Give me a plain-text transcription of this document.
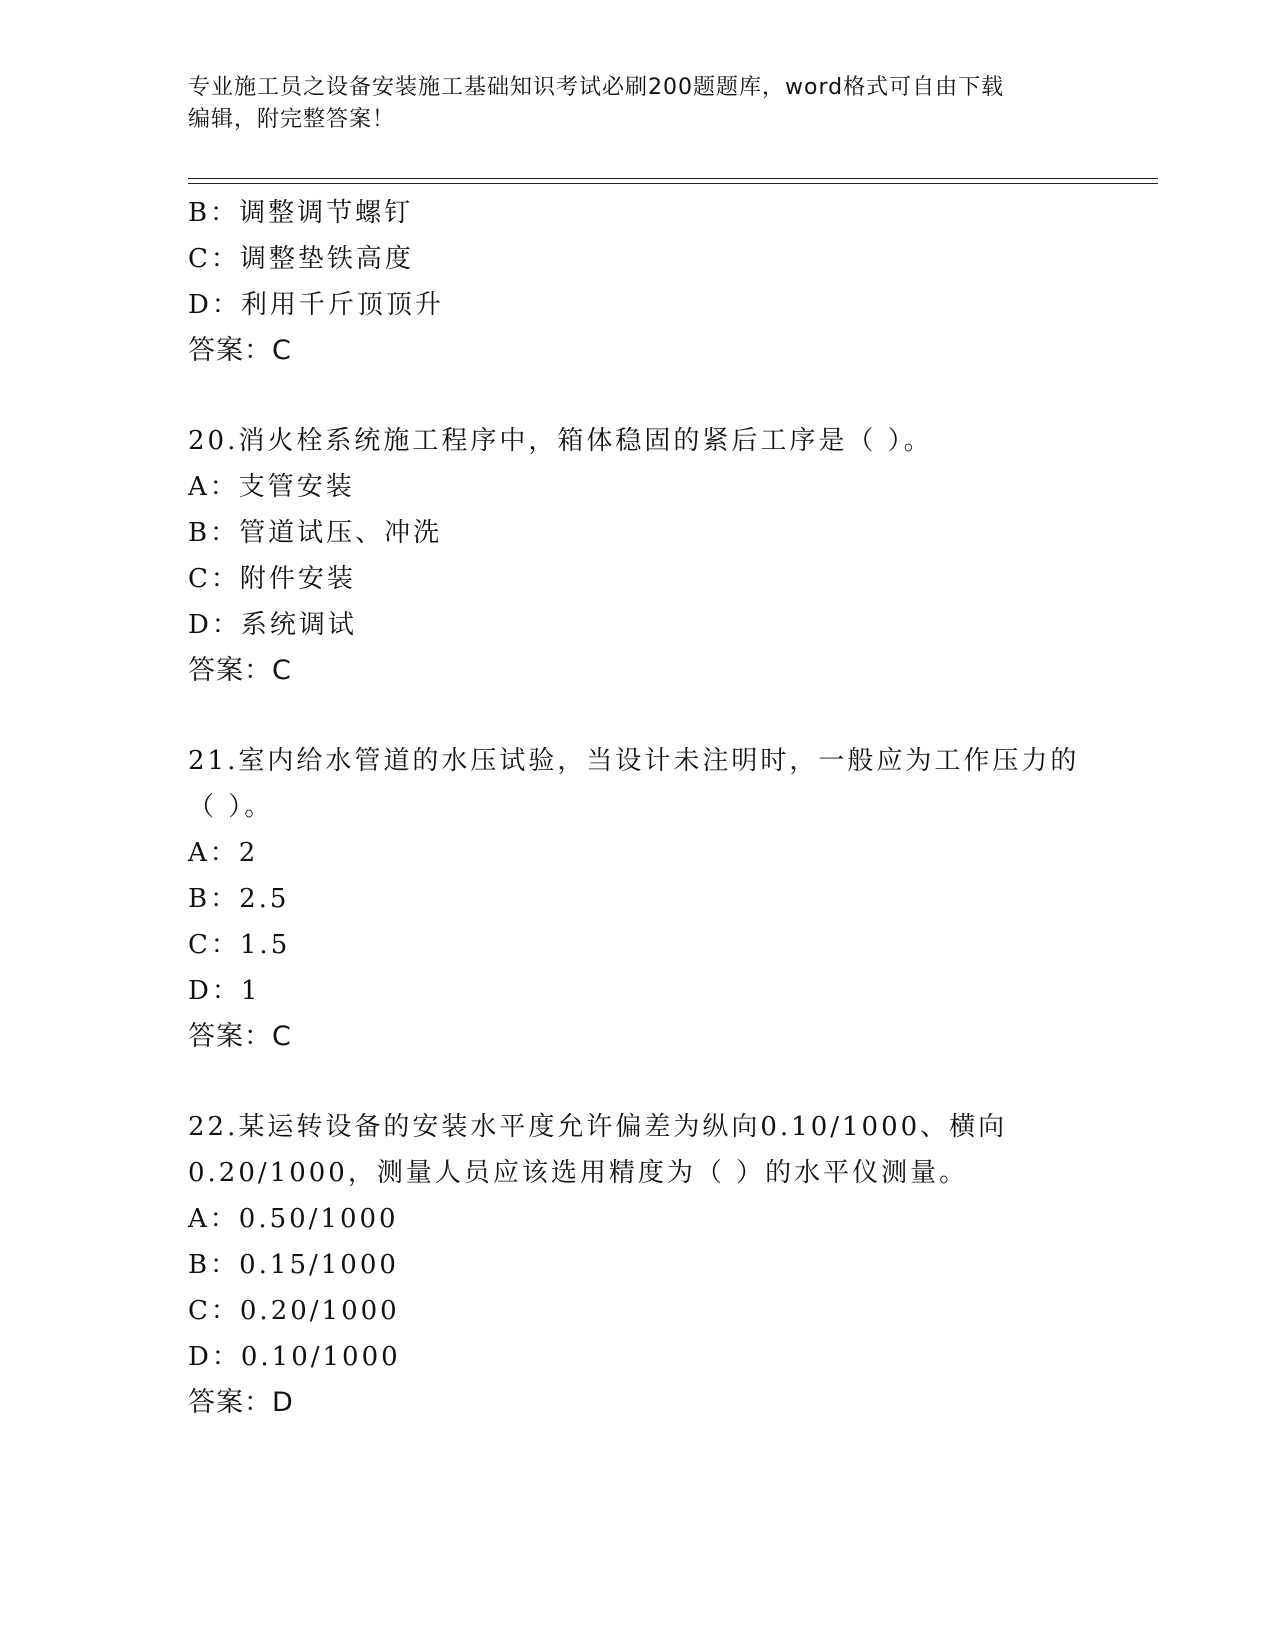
专业施工员之设备安装施工基础知识考试必刷200题题库，word格式可自由下载
编辑，附完整答案！
B：调整调节螺钉
C：调整垫铁高度
D：利用千斤顶顶升
答案：C
20.消火栓系统施工程序中，箱体稳固的紧后工序是（ ）。
A：支管安装
B：管道试压、冲洗
C：附件安装
D：系统调试
答案：C
21.室内给水管道的水压试验，当设计未注明时，一般应为工作压力的
（ ）。
A：2
B：2.5
C：1.5
D：1
答案：C
22.某运转设备的安装水平度允许偏差为纵向0.10/1000、横向
0.20/1000，测量人员应该选用精度为（ ）的水平仪测量。
A：0.50/1000
B：0.15/1000
C：0.20/1000
D：0.10/1000
答案：D
